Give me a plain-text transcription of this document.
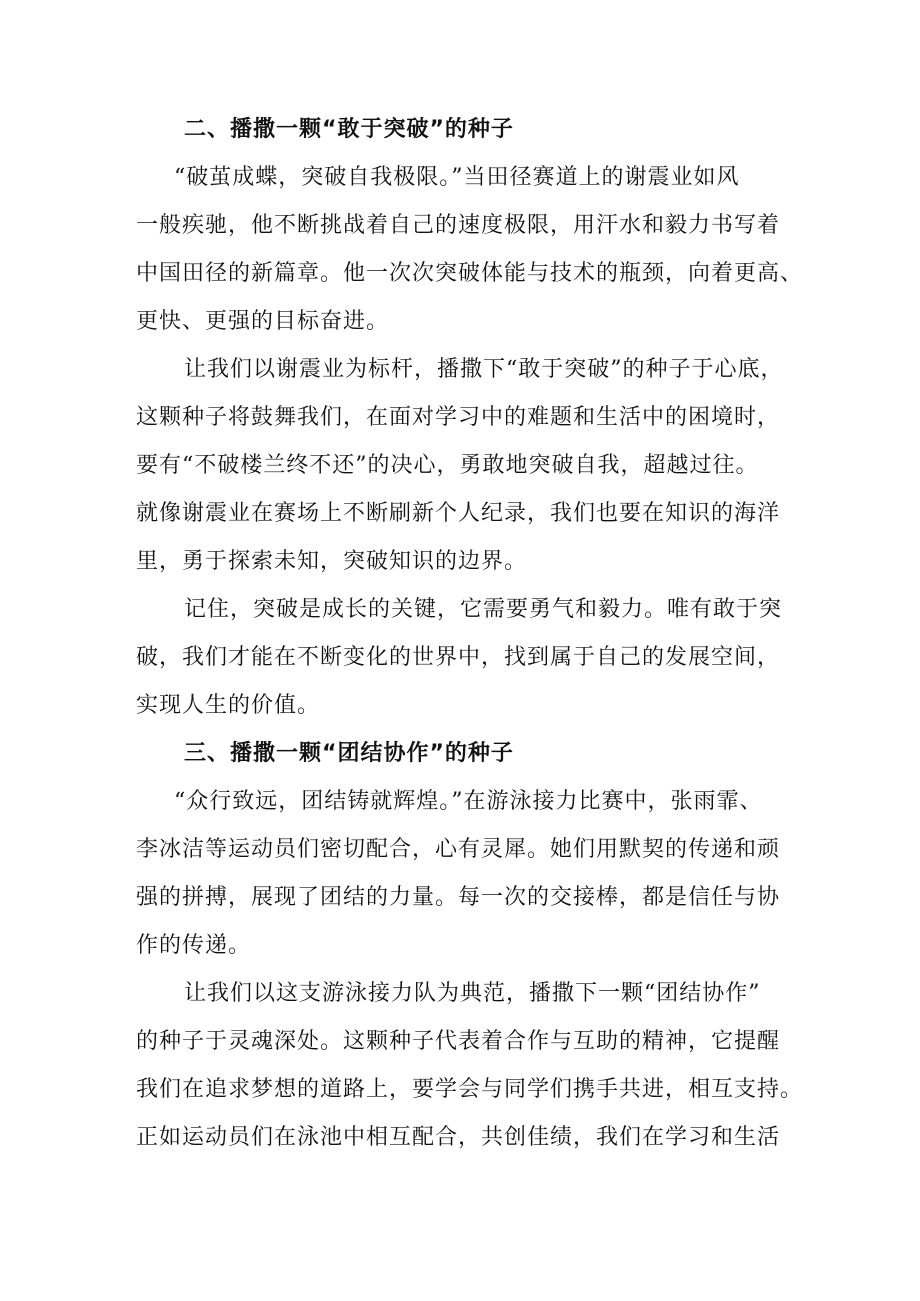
二、播撒一颗“敢于突破”的种子
“破茧成蝶，突破自我极限。”当田径赛道上的谢震业如风
一般疾驰，他不断挑战着自己的速度极限，用汗水和毅力书写着
中国田径的新篇章。他一次次突破体能与技术的瓶颈，向着更高、
更快、更强的目标奋进。
让我们以谢震业为标杆，播撒下“敢于突破”的种子于心底，
这颗种子将鼓舞我们，在面对学习中的难题和生活中的困境时，
要有“不破楼兰终不还”的决心，勇敢地突破自我，超越过往。
就像谢震业在赛场上不断刷新个人纪录，我们也要在知识的海洋
里，勇于探索未知，突破知识的边界。
记住，突破是成长的关键，它需要勇气和毅力。唯有敢于突
破，我们才能在不断变化的世界中，找到属于自己的发展空间，
实现人生的价值。
三、播撒一颗“团结协作”的种子
“众行致远，团结铸就辉煌。”在游泳接力比赛中，张雨霏、
李冰洁等运动员们密切配合，心有灵犀。她们用默契的传递和顽
强的拼搏，展现了团结的力量。每一次的交接棒，都是信任与协
作的传递。
让我们以这支游泳接力队为典范，播撒下一颗“团结协作”
的种子于灵魂深处。这颗种子代表着合作与互助的精神，它提醒
我们在追求梦想的道路上，要学会与同学们携手共进，相互支持。
正如运动员们在泳池中相互配合，共创佳绩，我们在学习和生活
